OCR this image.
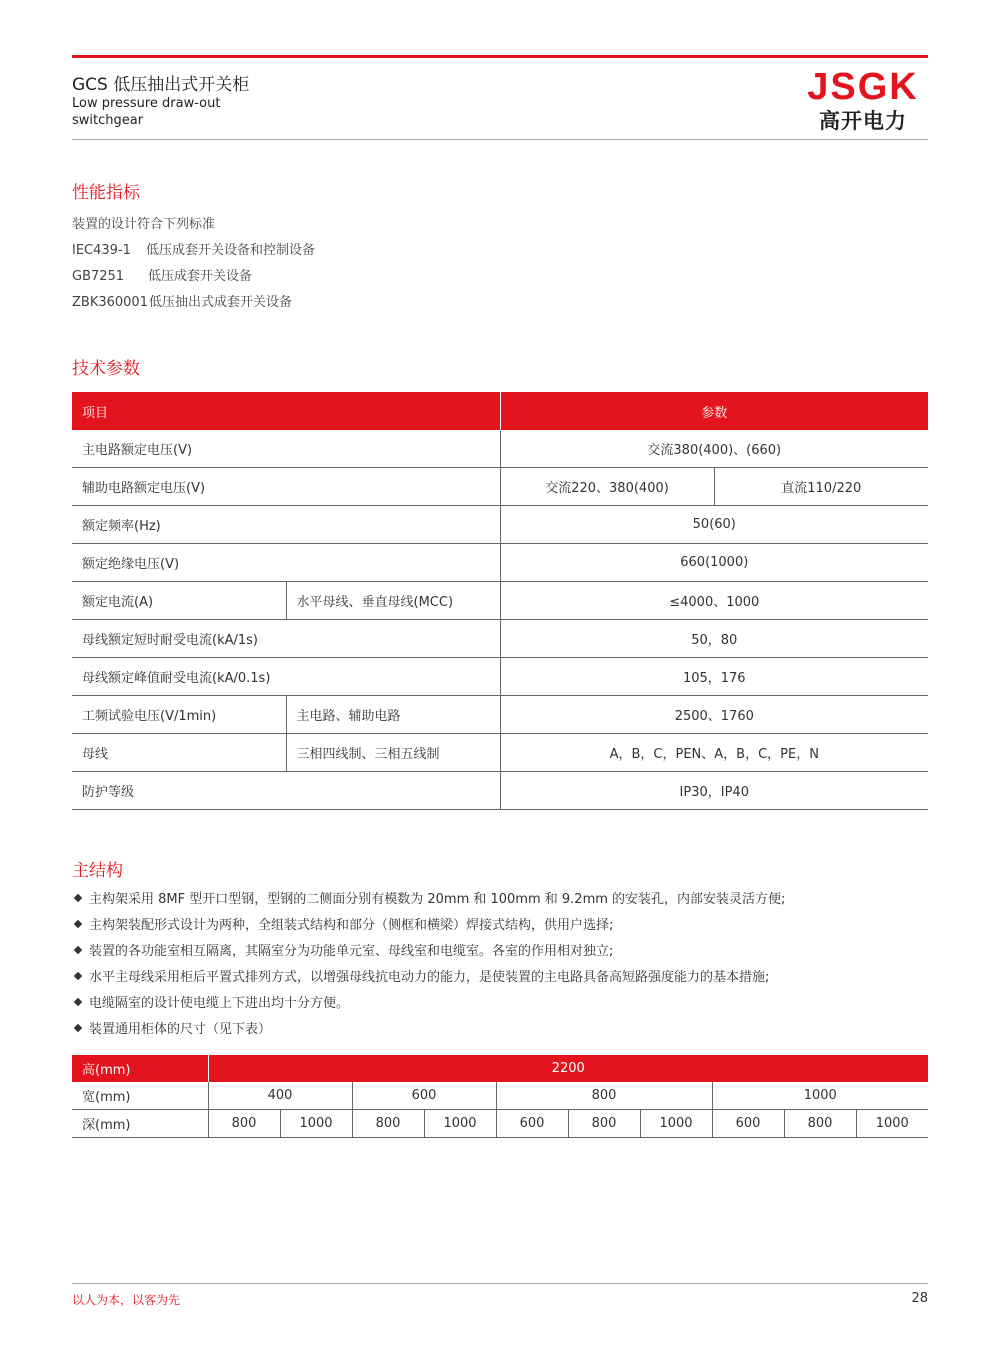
GCS 低压抽出式开关柜
Low pressure draw-out switchgear
JSGK
高开电力
性能指标
装置的设计符合下列标准
IEC439-1 低压成套开关设备和控制设备
GB7251 低压成套开关设备
ZBK360001低压抽出式成套开关设备
技术参数
项目		参数	
主电路额定电压(V)		交流380(400)、(660)	
辅助电路额定电压(V)		交流220、380(400)	直流110/220
额定频率(Hz)		50(60)	
额定绝缘电压(V)		660(1000)	
额定电流(A)	水平母线、垂直母线(MCC)	≤4000、1000	
母线额定短时耐受电流(kA/1s)		50，80	
母线额定峰值耐受电流(kA/0.1s)		105，176	
工频试验电压(V/1min)	主电路、辅助电路	2500、1760	
母线	三相四线制、三相五线制	A，B，C，PEN、A，B，C，PE，N	
防护等级		IP30，IP40	
主结构
主构架采用 8MF 型开口型钢，型钢的二侧面分别有模数为 20mm 和 100mm 和 9.2mm 的安装孔，内部安装灵活方便;
主构架装配形式设计为两种，全组装式结构和部分（侧框和横梁）焊接式结构，供用户选择;
装置的各功能室相互隔离，其隔室分为功能单元室、母线室和电缆室。各室的作用相对独立;
水平主母线采用柜后平置式排列方式，以增强母线抗电动力的能力，是使装置的主电路具备高短路强度能力的基本措施;
电缆隔室的设计使电缆上下进出均十分方便。
装置通用柜体的尺寸（见下表）
高(mm)	2200									
宽(mm)	400		600		800			1000		
深(mm)	800	1000	800	1000	600	800	1000	600	800	1000
以人为本，以客为先	28
